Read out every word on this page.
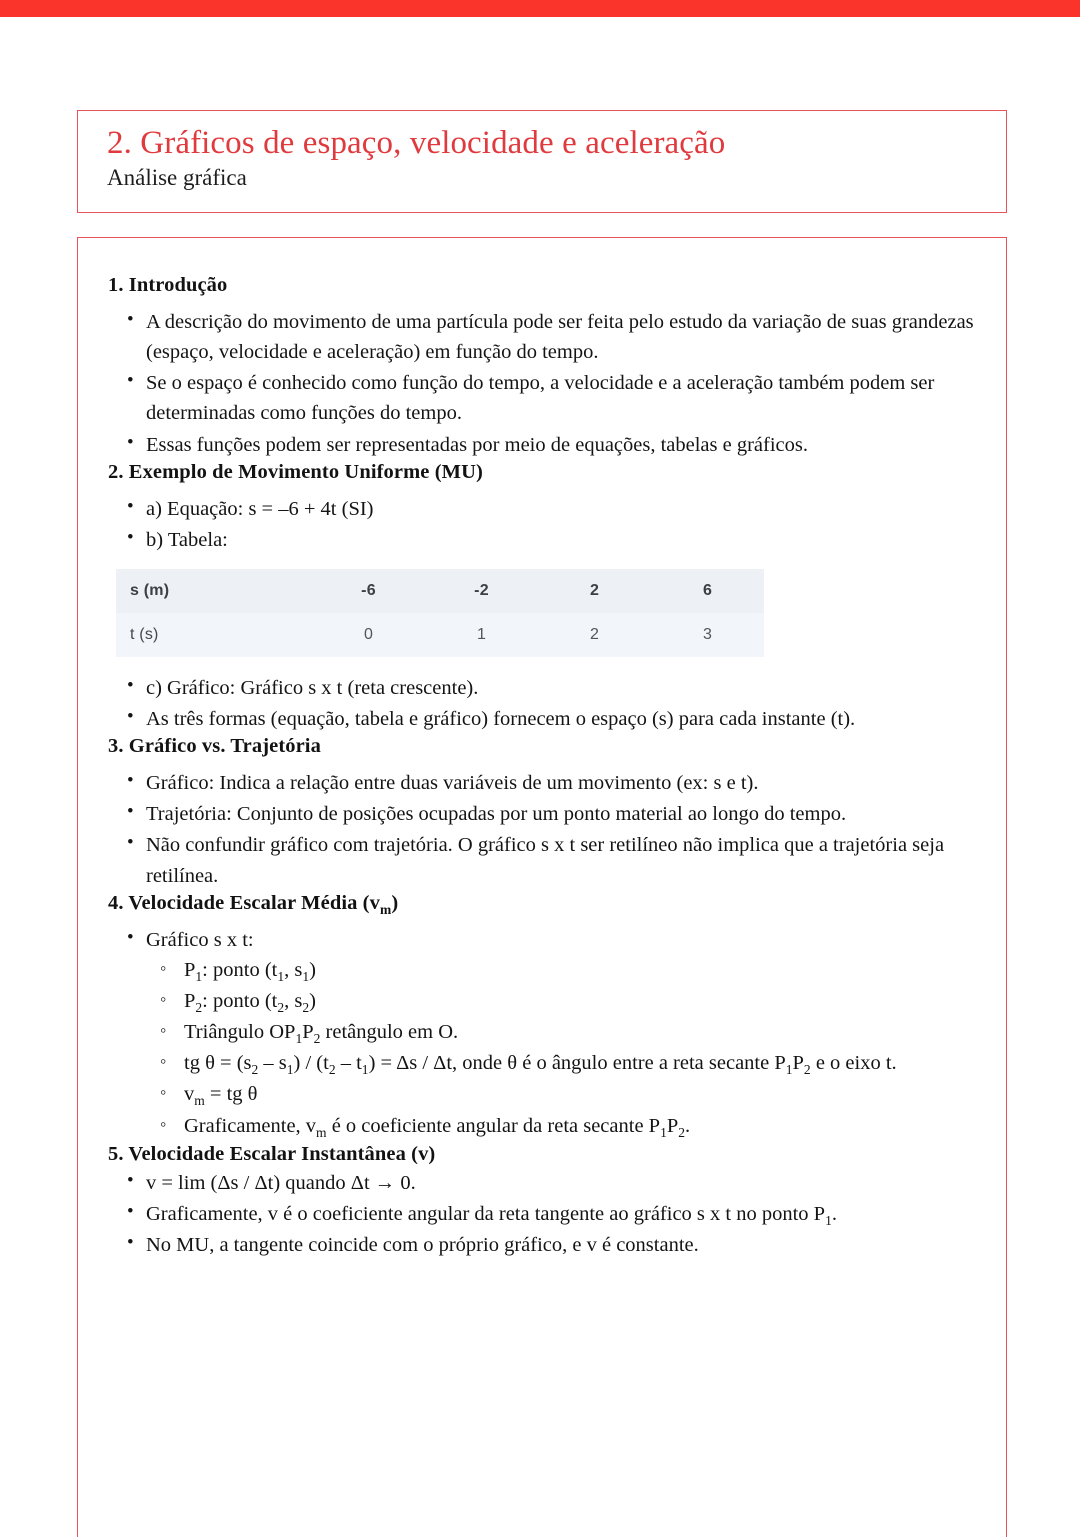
2. Gráficos de espaço, velocidade e aceleração
Análise gráfica
1. Introdução
• A descrição do movimento de uma partícula pode ser feita pelo estudo da variação de suas grandezas (espaço, velocidade e aceleração) em função do tempo.
• Se o espaço é conhecido como função do tempo, a velocidade e a aceleração também podem ser determinadas como funções do tempo.
• Essas funções podem ser representadas por meio de equações, tabelas e gráficos.
2. Exemplo de Movimento Uniforme (MU)
• a) Equação: s = –6 + 4t (SI)
• b) Tabela:
s (m)	-6	-2	2	6
t (s)	0	1	2	3
• c) Gráfico: Gráfico s x t (reta crescente).
• As três formas (equação, tabela e gráfico) fornecem o espaço (s) para cada instante (t).
3. Gráfico vs. Trajetória
• Gráfico: Indica a relação entre duas variáveis de um movimento (ex: s e t).
• Trajetória: Conjunto de posições ocupadas por um ponto material ao longo do tempo.
• Não confundir gráfico com trajetória. O gráfico s x t ser retilíneo não implica que a trajetória seja retilínea.
4. Velocidade Escalar Média $(v_m)$
• Gráfico s x t:
◦ $P_1$: ponto ($t_1$, $s_1$)
◦ $P_2$: ponto ($t_2$, $s_2$)
◦ Triângulo $OP_1P_2$ retângulo em O.
◦ tg $\theta = (s_2 - s_1) / (t_2 - t_1) = \Delta s / \Delta t$, onde θ é o ângulo entre a reta secante $P_1P_2$ e o eixo t.
◦ $v_m$ = tg θ
◦ Graficamente, $v_m$ é o coeficiente angular da reta secante $P_1P_2$.
5. Velocidade Escalar Instantânea (v)
• v = lim (Δs / Δt) quando Δt → 0.
• Graficamente, v é o coeficiente angular da reta tangente ao gráfico s x t no ponto $P_1$.
• No MU, a tangente coincide com o próprio gráfico, e v é constante.
